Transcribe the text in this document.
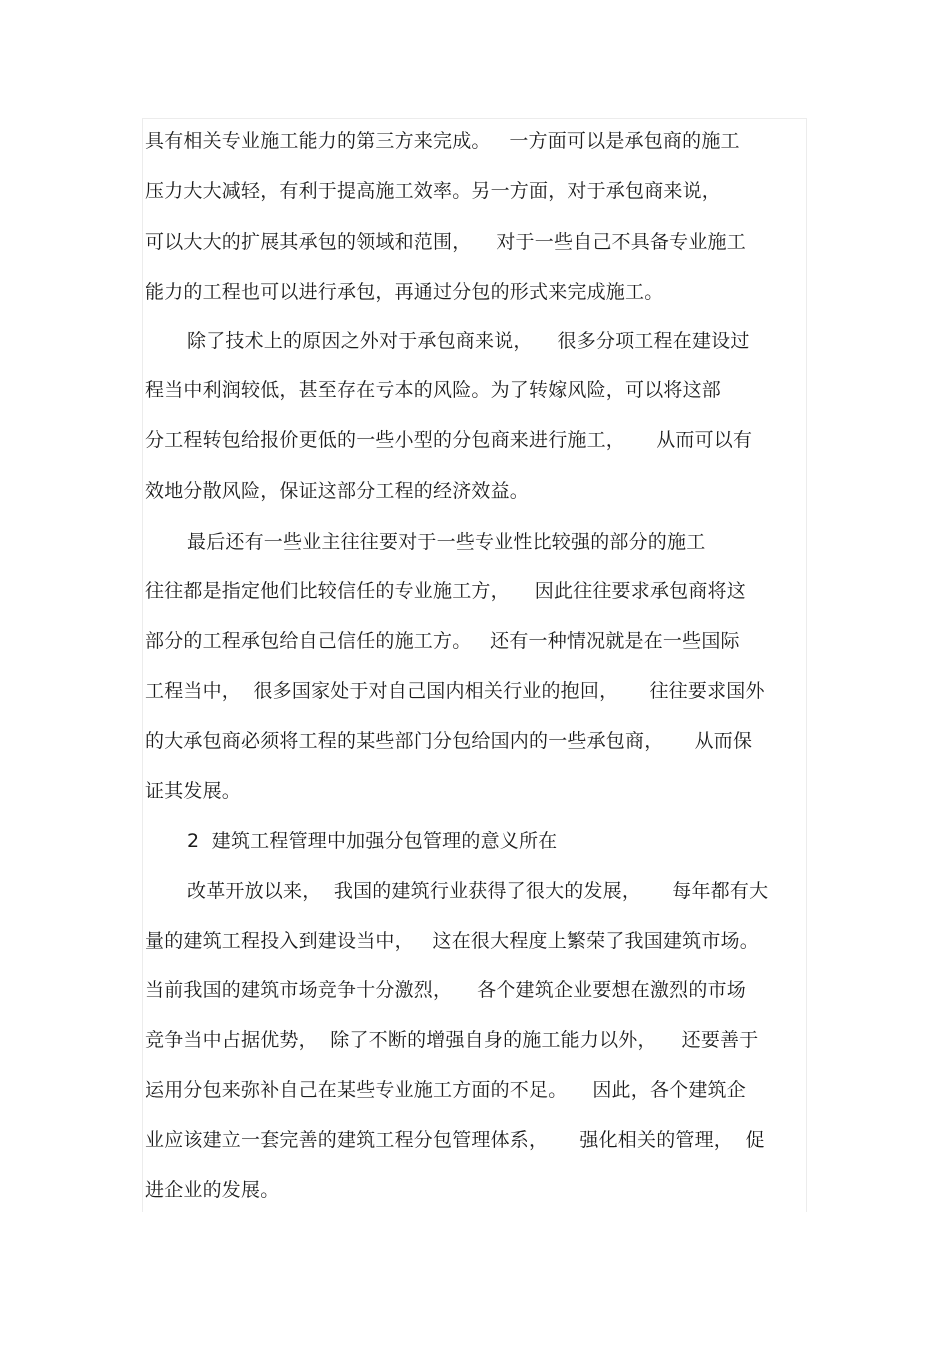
具有相关专业施工能力的第三方来完成。   一方面可以是承包商的施工
压力大大减轻，有利于提高施工效率。另一方面，对于承包商来说，
可以大大的扩展其承包的领域和范围，    对于一些自己不具备专业施工
能力的工程也可以进行承包，再通过分包的形式来完成施工。
除了技术上的原因之外对于承包商来说，    很多分项工程在建设过
程当中利润较低，甚至存在亏本的风险。为了转嫁风险，可以将这部
分工程转包给报价更低的一些小型的分包商来进行施工，     从而可以有
效地分散风险，保证这部分工程的经济效益。
最后还有一些业主往往要对于一些专业性比较强的部分的施工
往往都是指定他们比较信任的专业施工方，    因此往往要求承包商将这
部分的工程承包给自己信任的施工方。   还有一种情况就是在一些国际
工程当中，  很多国家处于对自己国内相关行业的抱回，     往往要求国外
的大承包商必须将工程的某些部门分包给国内的一些承包商，     从而保
证其发展。
2  建筑工程管理中加强分包管理的意义所在
改革开放以来，  我国的建筑行业获得了很大的发展，     每年都有大
量的建筑工程投入到建设当中，   这在很大程度上繁荣了我国建筑市场。
当前我国的建筑市场竞争十分激烈，    各个建筑企业要想在激烈的市场
竞争当中占据优势，  除了不断的增强自身的施工能力以外，    还要善于
运用分包来弥补自己在某些专业施工方面的不足。    因此，各个建筑企
业应该建立一套完善的建筑工程分包管理体系，     强化相关的管理，  促
进企业的发展。
